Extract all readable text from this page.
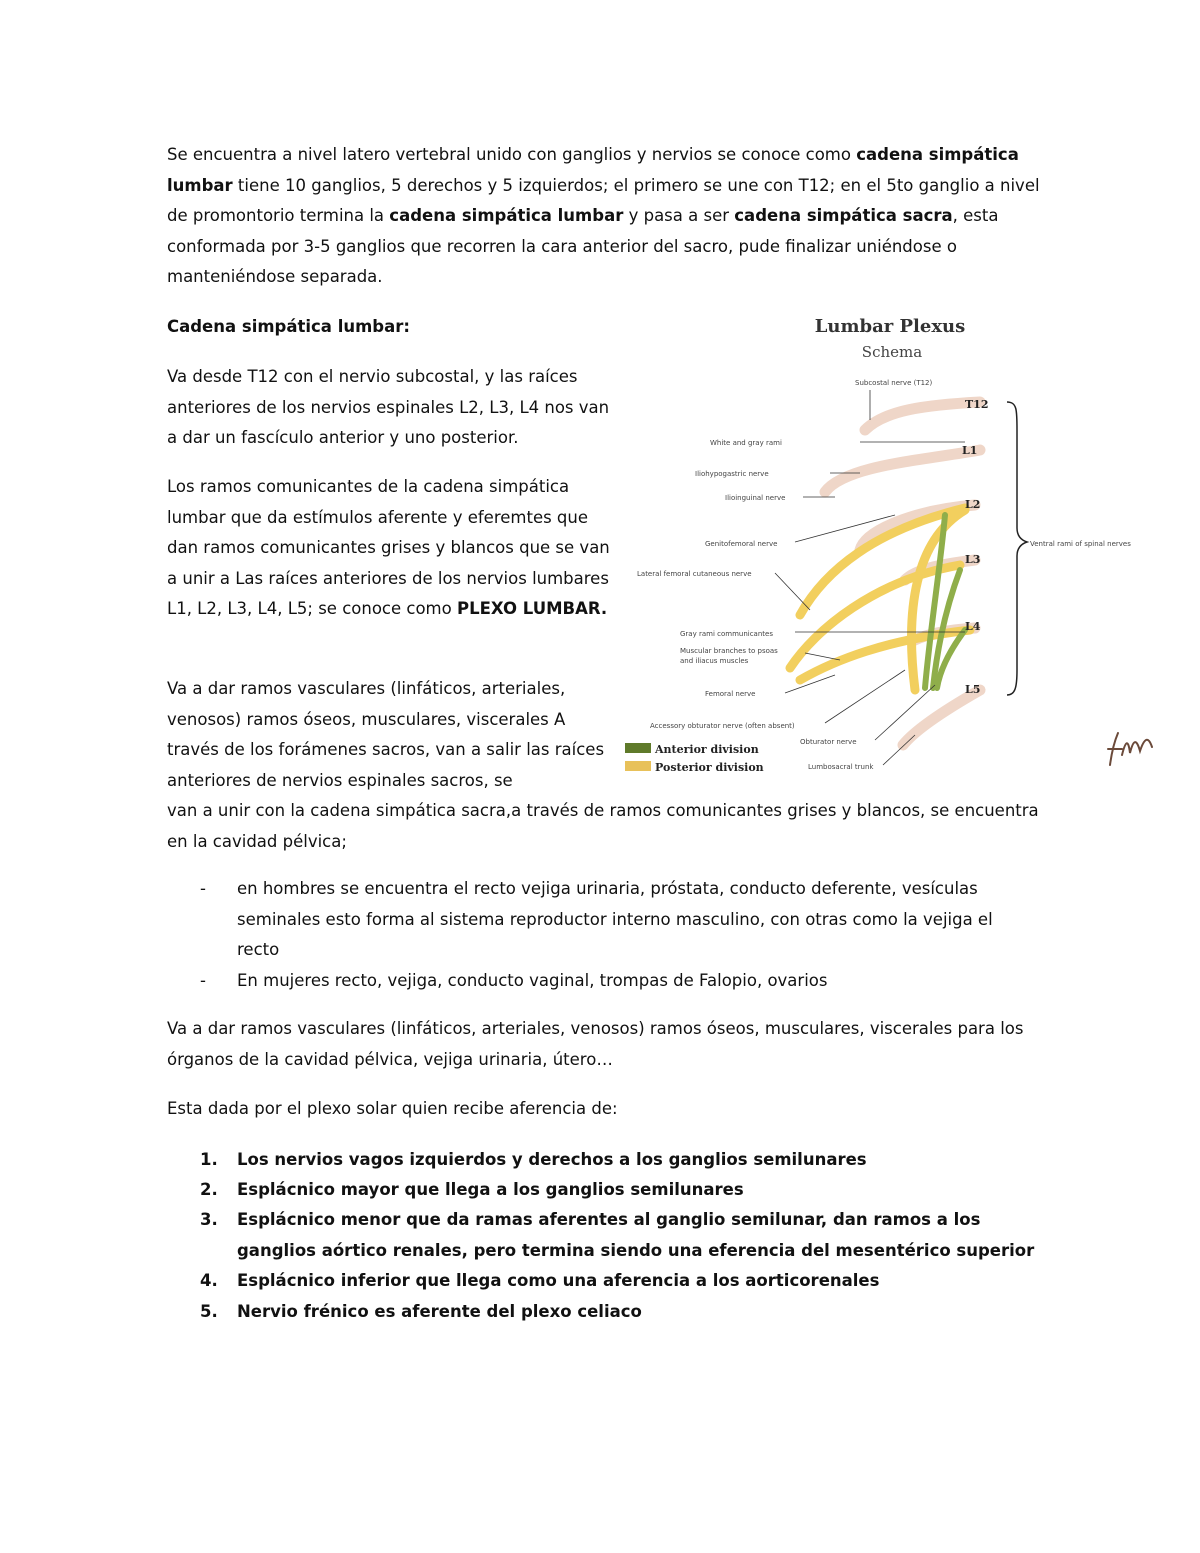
Se encuentra a nivel latero vertebral unido con ganglios y nervios se conoce como cadena simpática lumbar tiene 10 ganglios, 5 derechos y 5 izquierdos; el primero se une con T12; en el 5to ganglio a nivel de promontorio termina la cadena simpática lumbar y pasa a ser cadena simpática sacra, esta conformada por 3-5 ganglios que recorren la cara anterior del sacro, pude finalizar uniéndose o manteniéndose separada.

Cadena simpática lumbar:

Va desde T12 con el nervio subcostal, y las raíces anteriores de los nervios espinales L2, L3, L4 nos van a dar un fascículo anterior y uno posterior.

Los ramos comunicantes de la cadena simpática lumbar que da estímulos aferente y eferemtes que dan ramos comunicantes grises y blancos que se van a unir a Las raíces anteriores de los nervios lumbares L1, L2, L3, L4, L5; se conoce como PLEXO LUMBAR.

Va a dar ramos vasculares (linfáticos, arteriales, venosos) ramos óseos, musculares, viscerales A través de los forámenes sacros, van a salir las raíces anteriores de nervios espinales sacros, se

van a unir con la cadena simpática sacra,a través de ramos comunicantes grises y blancos, se encuentra en la cavidad pélvica;

- en hombres se encuentra el recto vejiga urinaria, próstata, conducto deferente, vesículas seminales esto forma al sistema reproductor interno masculino, con otras como la vejiga el recto
- En mujeres recto, vejiga, conducto vaginal, trompas de Falopio, ovarios

Va a dar ramos vasculares (linfáticos, arteriales, venosos) ramos óseos, musculares, viscerales para los órganos de la cavidad pélvica, vejiga urinaria, útero…

Esta dada por el plexo solar quien recibe aferencia de:

1. Los nervios vagos izquierdos y derechos a los ganglios semilunares
2. Esplácnico mayor que llega a los ganglios semilunares
3. Esplácnico menor que da ramas aferentes al ganglio semilunar, dan ramos a los ganglios aórtico renales, pero termina siendo una eferencia del mesentérico superior
4. Esplácnico inferior que llega como una aferencia a los aorticorenales
5. Nervio frénico es aferente del plexo celiaco
Lumbar Plexus
Schema
T12
L1
L2
L3
L4
L5
Subcostal nerve (T12)
White and gray rami
Iliohypogastric nerve
Ilioinguinal nerve
Genitofemoral nerve
Lateral femoral cutaneous nerve
Gray rami communicantes
Muscular branches to psoas
and iliacus muscles
Femoral nerve
Accessory obturator nerve (often absent)
Obturator nerve
Lumbosacral trunk
Ventral rami of spinal nerves
Anterior division
Posterior division
